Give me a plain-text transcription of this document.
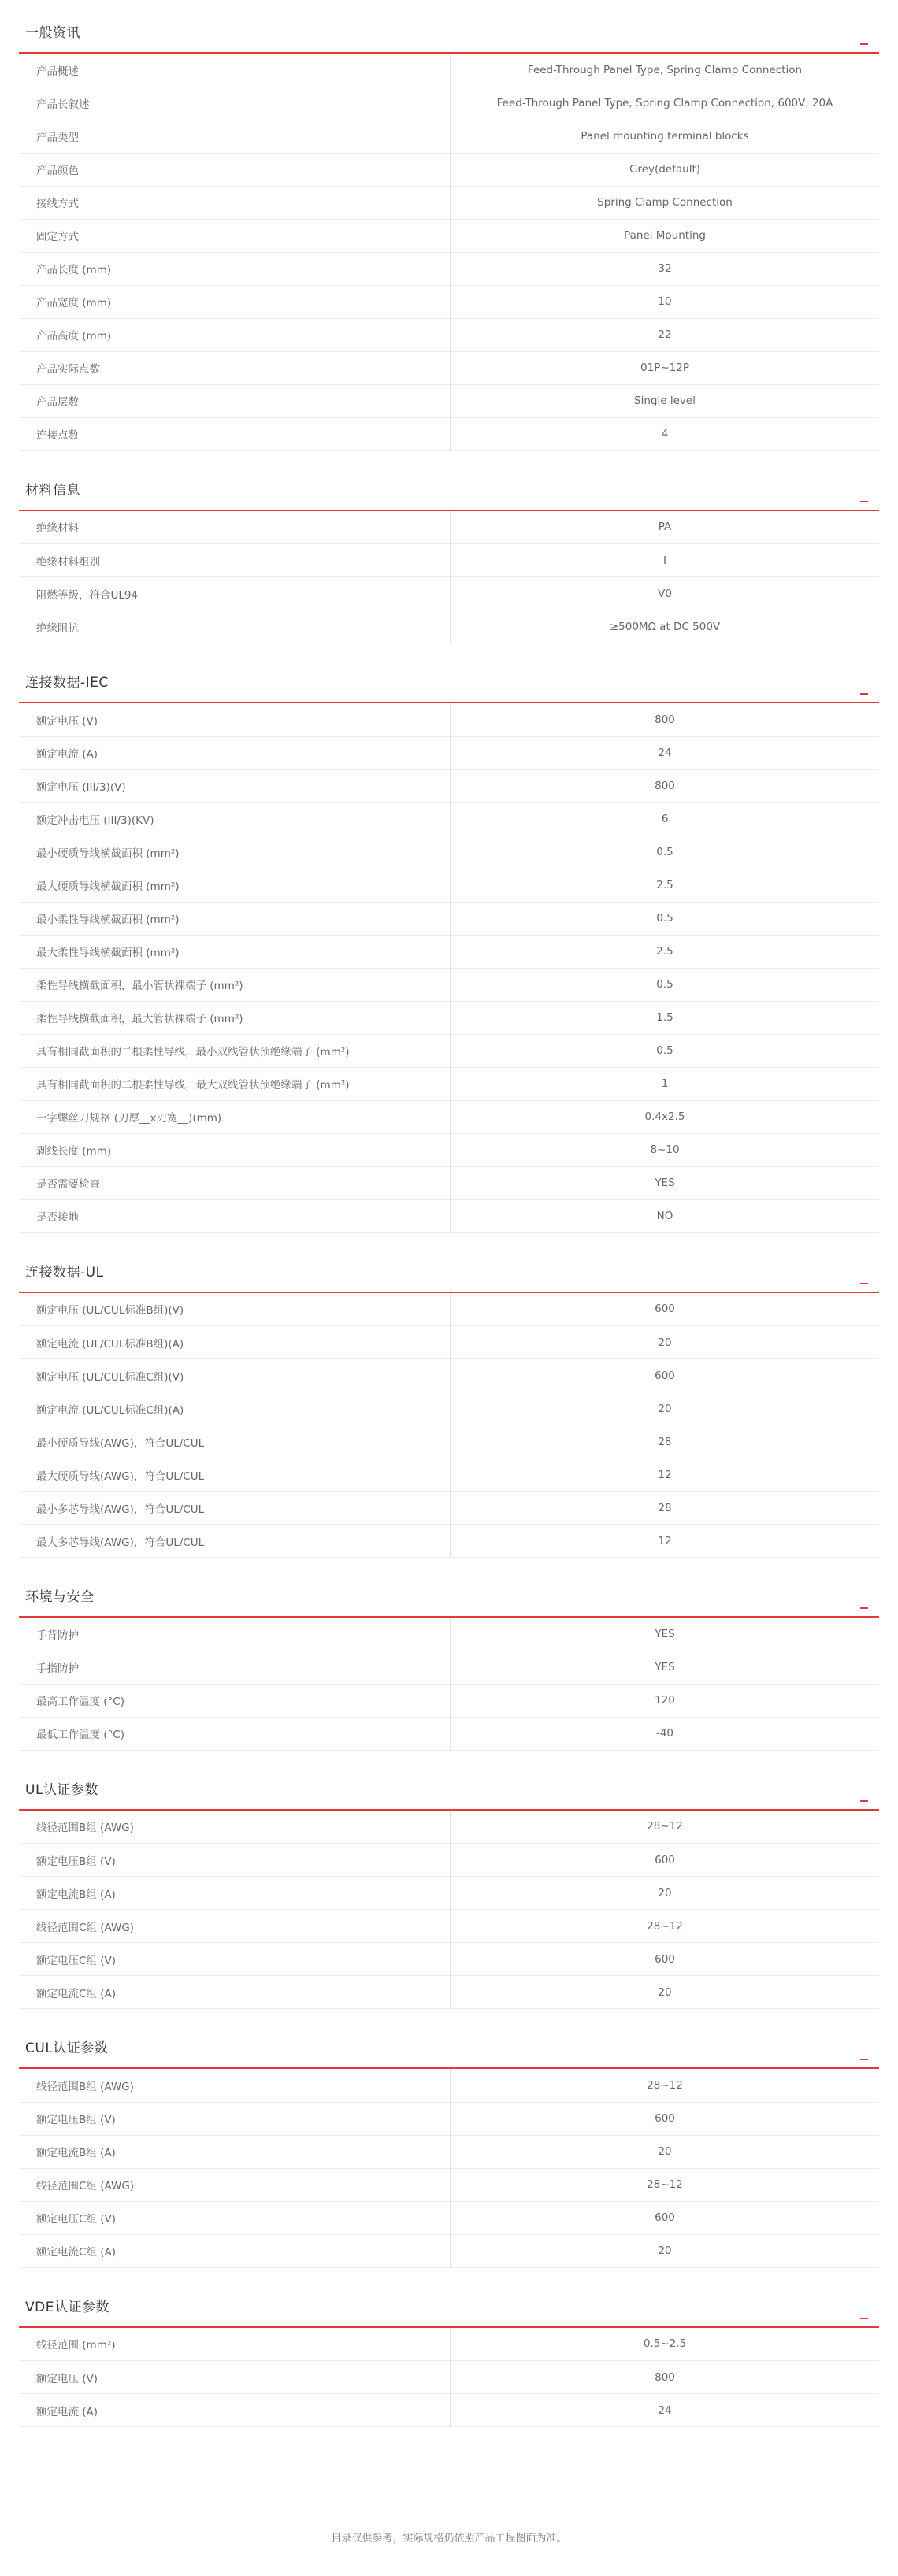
一般资讯
产品概述	Feed-Through Panel Type, Spring Clamp Connection
产品长叙述	Feed-Through Panel Type, Spring Clamp Connection, 600V, 20A
产品类型	Panel mounting terminal blocks
产品颜色	Grey(default)
接线方式	Spring Clamp Connection
固定方式	Panel Mounting
产品长度 (mm)	32
产品宽度 (mm)	10
产品高度 (mm)	22
产品实际点数	01P~12P
产品层数	Single level
连接点数	4
材料信息
绝缘材料	PA
绝缘材料组别	I
阻燃等级，符合UL94	V0
绝缘阻抗	≥500MΩ at DC 500V
连接数据-IEC
额定电压 (V)	800
额定电流 (A)	24
额定电压 (III/3)(V)	800
额定冲击电压 (III/3)(KV)	6
最小硬质导线横截面积 (mm²)	0.5
最大硬质导线横截面积 (mm²)	2.5
最小柔性导线横截面积 (mm²)	0.5
最大柔性导线横截面积 (mm²)	2.5
柔性导线横截面积，最小管状裸端子 (mm²)	0.5
柔性导线横截面积，最大管状裸端子 (mm²)	1.5
具有相同截面积的二根柔性导线，最小双线管状预绝缘端子 (mm²)	0.5
具有相同截面积的二根柔性导线，最大双线管状预绝缘端子 (mm²)	1
一字螺丝刀规格 (刃厚__x刃宽__)(mm)	0.4x2.5
剥线长度 (mm)	8~10
是否需要检查	YES
是否接地	NO
连接数据-UL
额定电压 (UL/CUL标准B组)(V)	600
额定电流 (UL/CUL标准B组)(A)	20
额定电压 (UL/CUL标准C组)(V)	600
额定电流 (UL/CUL标准C组)(A)	20
最小硬质导线(AWG)，符合UL/CUL	28
最大硬质导线(AWG)，符合UL/CUL	12
最小多芯导线(AWG)，符合UL/CUL	28
最大多芯导线(AWG)，符合UL/CUL	12
环境与安全
手背防护	YES
手指防护	YES
最高工作温度 (°C)	120
最低工作温度 (°C)	-40
UL认证参数
线径范围B组 (AWG)	28~12
额定电压B组 (V)	600
额定电流B组 (A)	20
线径范围C组 (AWG)	28~12
额定电压C组 (V)	600
额定电流C组 (A)	20
CUL认证参数
线径范围B组 (AWG)	28~12
额定电压B组 (V)	600
额定电流B组 (A)	20
线径范围C组 (AWG)	28~12
额定电压C组 (V)	600
额定电流C组 (A)	20
VDE认证参数
线径范围 (mm²)	0.5~2.5
额定电压 (V)	800
额定电流 (A)	24
目录仅供参考，实际规格仍依照产品工程图面为准。
